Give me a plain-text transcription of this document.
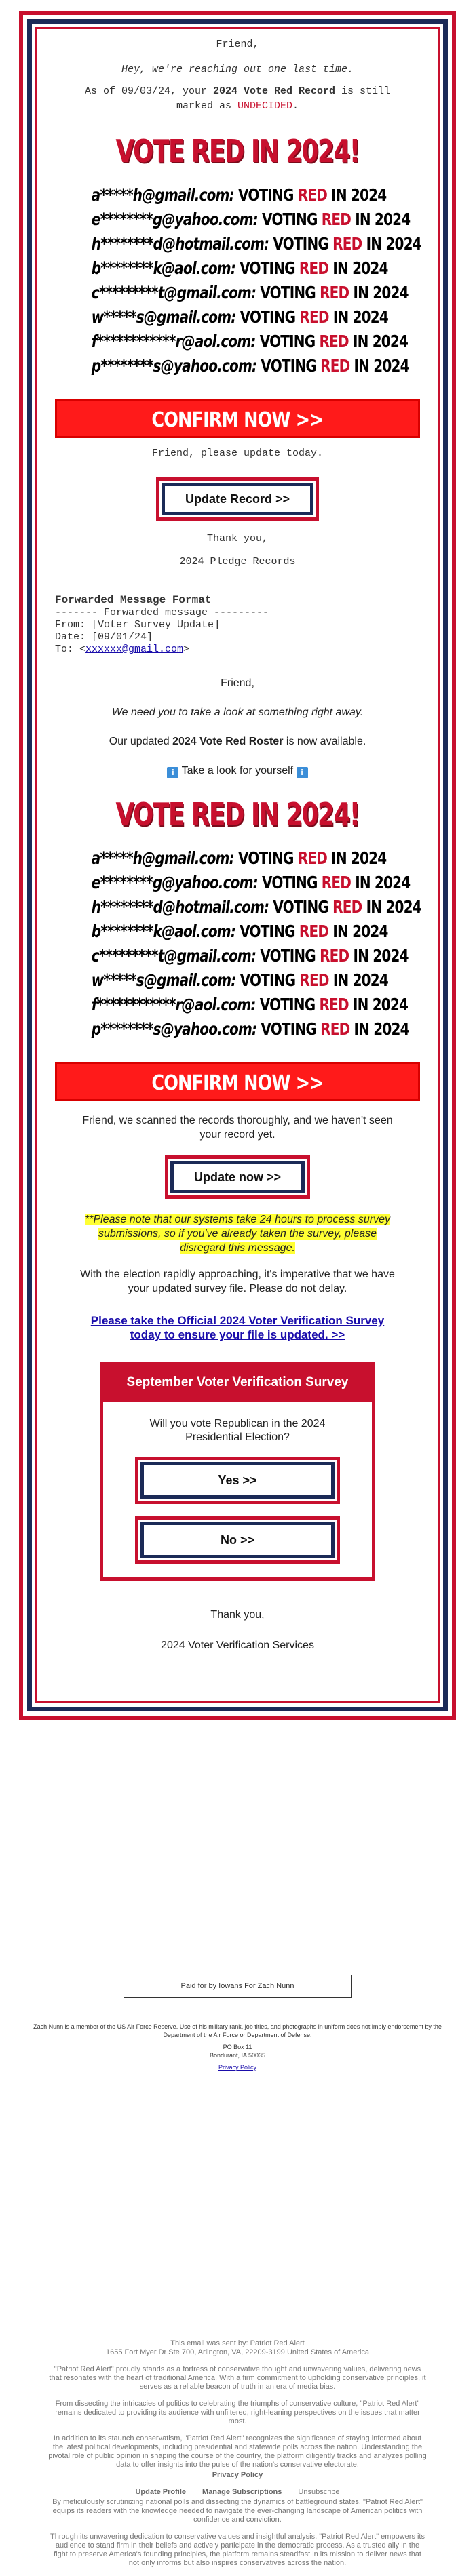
Friend,

Hey, we're reaching out one last time.

As of 09/03/24, your 2024 Vote Red Record is still marked as UNDECIDED.

VOTE RED IN 2024!
a*****h@gmail.com: VOTING RED IN 2024
e********g@yahoo.com: VOTING RED IN 2024
h********d@hotmail.com: VOTING RED IN 2024
b********k@aol.com: VOTING RED IN 2024
c*********t@gmail.com: VOTING RED IN 2024
w*****s@gmail.com: VOTING RED IN 2024
f************r@aol.com: VOTING RED IN 2024
p********s@yahoo.com: VOTING RED IN 2024
CONFIRM NOW >>

Friend, please update today.

Update Record >>

Thank you,

2024 Pledge Records

Forwarded Message Format
------- Forwarded message ---------
From: [Voter Survey Update]
Date: [09/01/24]
To: <xxxxxx@gmail.com>

Friend,

We need you to take a look at something right away.

Our updated 2024 Vote Red Roster is now available.

i Take a look for yourself i

VOTE RED IN 2024!
a*****h@gmail.com: VOTING RED IN 2024
e********g@yahoo.com: VOTING RED IN 2024
h********d@hotmail.com: VOTING RED IN 2024
b********k@aol.com: VOTING RED IN 2024
c*********t@gmail.com: VOTING RED IN 2024
w*****s@gmail.com: VOTING RED IN 2024
f************r@aol.com: VOTING RED IN 2024
p********s@yahoo.com: VOTING RED IN 2024
CONFIRM NOW >>

Friend, we scanned the records thoroughly, and we haven't seen your record yet.

Update now >>

**Please note that our systems take 24 hours to process survey submissions, so if you've already taken the survey, please disregard this message.

With the election rapidly approaching, it's imperative that we have your updated survey file. Please do not delay.

Please take the Official 2024 Voter Verification Survey today to ensure your file is updated. >>
September Voter Verification Survey

Will you vote Republican in the 2024 Presidential Election?

Yes >>
No >>

Thank you,

2024 Voter Verification Services

Paid for by Iowans For Zach Nunn
Zach Nunn is a member of the US Air Force Reserve. Use of his military rank, job titles, and photographs in uniform does not imply endorsement by the Department of the Air Force or Department of Defense.
PO Box 11
Bondurant, IA 50035
Privacy Policy

This email was sent by: Patriot Red Alert
1655 Fort Myer Dr Ste 700, Arlington, VA, 22209-3199 United States of America

"Patriot Red Alert" proudly stands as a fortress of conservative thought and unwavering values, delivering news that resonates with the heart of traditional America. With a firm commitment to upholding conservative principles, it serves as a reliable beacon of truth in an era of media bias.

From dissecting the intricacies of politics to celebrating the triumphs of conservative culture, "Patriot Red Alert" remains dedicated to providing its audience with unfiltered, right-leaning perspectives on the issues that matter most.

In addition to its staunch conservatism, "Patriot Red Alert" recognizes the significance of staying informed about the latest political developments, including presidential and statewide polls across the nation. Understanding the pivotal role of public opinion in shaping the course of the country, the platform diligently tracks and analyzes polling data to offer insights into the pulse of the nation's conservative electorate.

Privacy Policy

Update Profile Manage Subscriptions Unsubscribe

By meticulously scrutinizing national polls and dissecting the dynamics of battleground states, "Patriot Red Alert" equips its readers with the knowledge needed to navigate the ever-changing landscape of American politics with confidence and conviction.

Through its unwavering dedication to conservative values and insightful analysis, "Patriot Red Alert" empowers its audience to stand firm in their beliefs and actively participate in the democratic process. As a trusted ally in the fight to preserve America's founding principles, the platform remains steadfast in its mission to deliver news that not only informs but also inspires conservatives across the nation.
